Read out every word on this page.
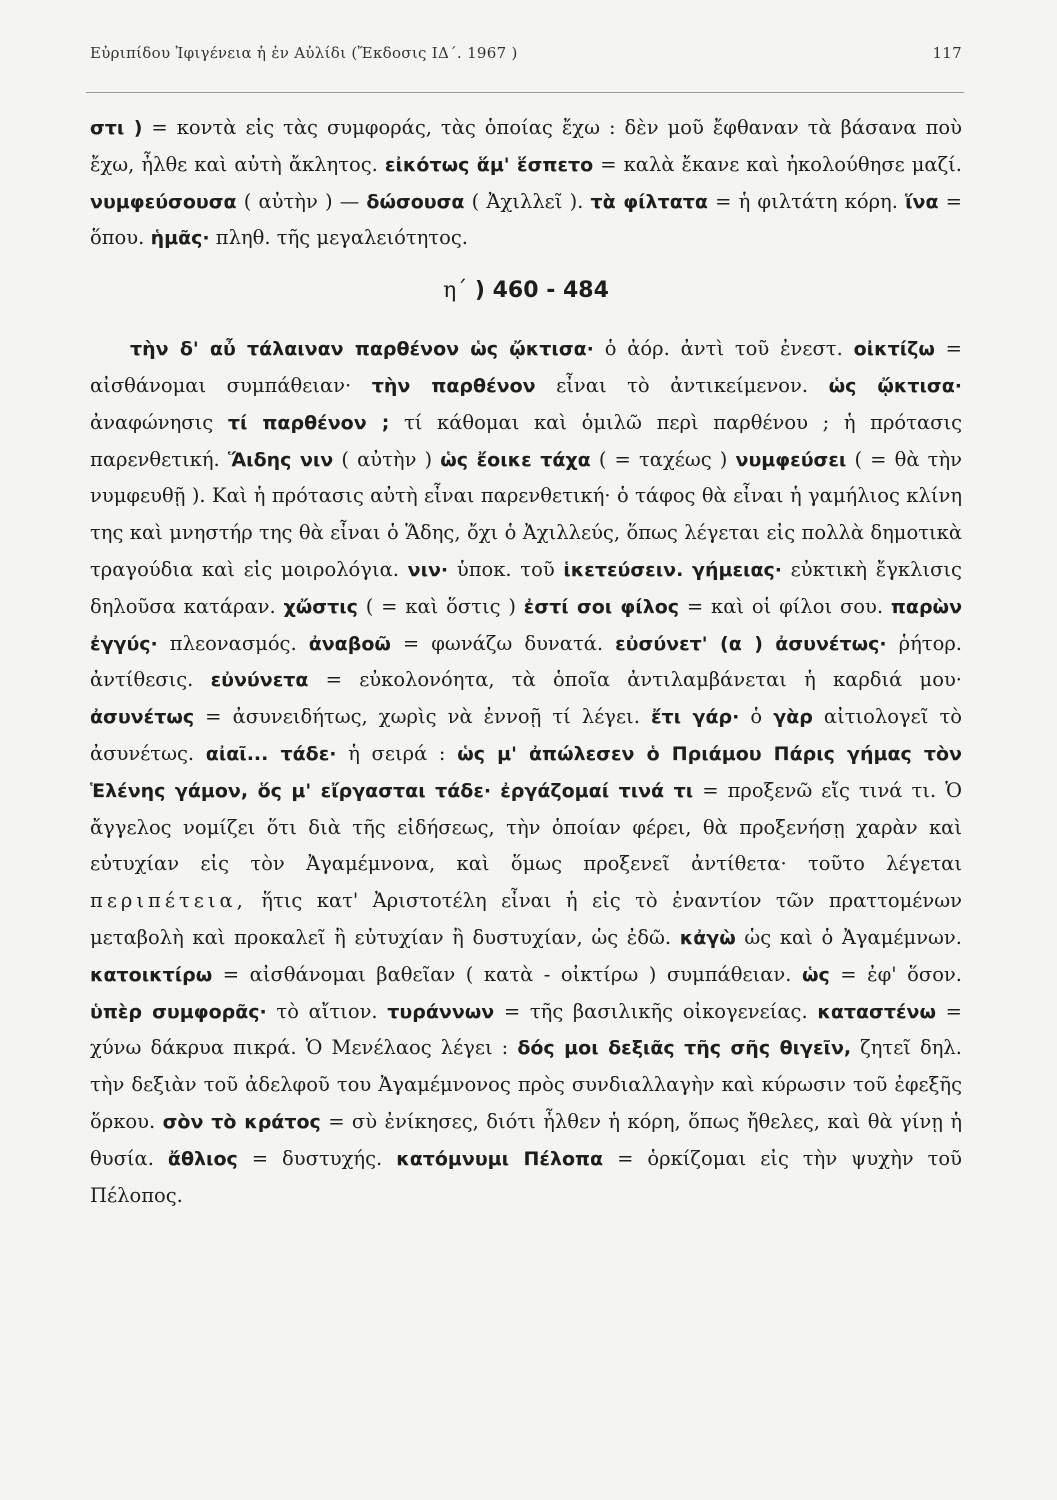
Εὐριπίδου Ἰφιγένεια ἡ ἐν Αὐλίδι (Ἔκδοσις ΙΔ΄. 1967 )	117

στι ) = κοντὰ εἰς τὰς συμφοράς, τὰς ὁποίας ἔχω : δὲν μοῦ ἔφθαναν τὰ βάσανα ποὺ ἔχω, ἦλθε καὶ αὐτὴ ἄκλητος. εἰκότως ἅμ' ἕσπετο = καλὰ ἔκανε καὶ ἠκολούθησε μαζί. νυμφεύσουσα ( αὐτὴν ) — δώσουσα ( Ἀχιλλεῖ ). τὰ φίλτατα = ἡ φιλτάτη κόρη. ἵνα = ὅπου. ἡμᾶς· πληθ. τῆς μεγαλειότητος.

η΄ ) 460 - 484

τὴν δ' αὖ τάλαιναν παρθένον ὡς ᾤκτισα· ὁ ἀόρ. ἀντὶ τοῦ ἐνεστ. οἰκτίζω = αἰσθάνομαι συμπάθειαν· τὴν παρθένον εἶναι τὸ ἀντικείμενον. ὡς ᾤκτισα· ἀναφώνησις τί παρθένον ; τί κάθομαι καὶ ὁμιλῶ περὶ παρθένου ; ἡ πρότασις παρενθετική. Ἅιδης νιν ( αὐτὴν ) ὡς ἔοικε τάχα ( = ταχέως ) νυμφεύσει ( = θὰ τὴν νυμφευθῇ ). Καὶ ἡ πρότασις αὐτὴ εἶναι παρενθετική· ὁ τάφος θὰ εἶναι ἡ γαμήλιος κλίνη της καὶ μνηστήρ της θὰ εἶναι ὁ Ἅδης, ὄχι ὁ Ἀχιλλεύς, ὅπως λέγεται εἰς πολλὰ δημοτικὰ τραγούδια καὶ εἰς μοιρολόγια. νιν· ὑποκ. τοῦ ἱκετεύσειν. γήμειας· εὐκτικὴ ἔγκλισις δηλοῦσα κατάραν. χὤστις ( = καὶ ὅστις ) ἐστί σοι φίλος = καὶ οἱ φίλοι σου. παρὼν ἐγγύς· πλεονασμός. ἀναβοῶ = φωνάζω δυνατά. εὐσύνετ' (α ) ἀσυνέτως· ῥήτορ. ἀντίθεσις. εὐνύνετα = εὐκολονόητα, τὰ ὁποῖα ἀντιλαμβάνεται ἡ καρδιά μου· ἀσυνέτως = ἀσυνειδήτως, χωρὶς νὰ ἐννοῇ τί λέγει. ἔτι γάρ· ὁ γὰρ αἰτιολογεῖ τὸ ἀσυνέτως. αἰαῖ... τάδε· ἡ σειρά : ὡς μ' ἀπώλεσεν ὁ Πριάμου Πάρις γήμας τὸν Ἑλένης γάμον, ὅς μ' εἴργασται τάδε· ἐργάζομαί τινά τι = προξενῶ εἴς τινά τι. Ὁ ἄγγελος νομίζει ὅτι διὰ τῆς εἰδήσεως, τὴν ὁποίαν φέρει, θὰ προξενήσῃ χαρὰν καὶ εὐτυχίαν εἰς τὸν Ἀγαμέμνονα, καὶ ὅμως προξενεῖ ἀντίθετα· τοῦτο λέγεται περιπέτεια, ἥτις κατ' Ἀριστοτέλη εἶναι ἡ εἰς τὸ ἐναντίον τῶν πραττομένων μεταβολὴ καὶ προκαλεῖ ἢ εὐτυχίαν ἢ δυστυχίαν, ὡς ἐδῶ. κἀγὼ ὡς καὶ ὁ Ἀγαμέμνων. κατοικτίρω = αἰσθάνομαι βαθεῖαν ( κατὰ - οἰκτίρω ) συμπάθειαν. ὡς = ἐφ' ὅσον. ὑπὲρ συμφορᾶς· τὸ αἴτιον. τυράννων = τῆς βασιλικῆς οἰκογενείας. καταστένω = χύνω δάκρυα πικρά. Ὁ Μενέλαος λέγει : δός μοι δεξιᾶς τῆς σῆς θιγεῖν, ζητεῖ δηλ. τὴν δεξιὰν τοῦ ἀδελφοῦ του Ἀγαμέμνονος πρὸς συνδιαλλαγὴν καὶ κύρωσιν τοῦ ἐφεξῆς ὅρκου. σὸν τὸ κράτος = σὺ ἐνίκησες, διότι ἦλθεν ἡ κόρη, ὅπως ἤθελες, καὶ θὰ γίνῃ ἡ θυσία. ἄθλιος = δυστυχής. κατόμνυμι Πέλοπα = ὁρκίζομαι εἰς τὴν ψυχὴν τοῦ Πέλοπος.
